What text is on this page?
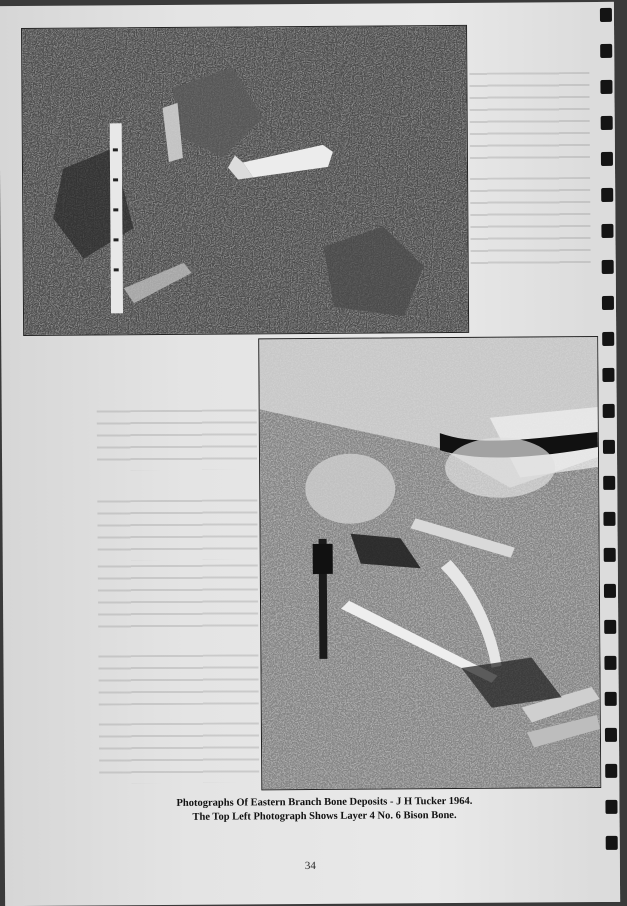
Photographs Of Eastern Branch Bone Deposits - J H Tucker 1964.
The Top Left Photograph Shows Layer 4 No. 6 Bison Bone.
34
